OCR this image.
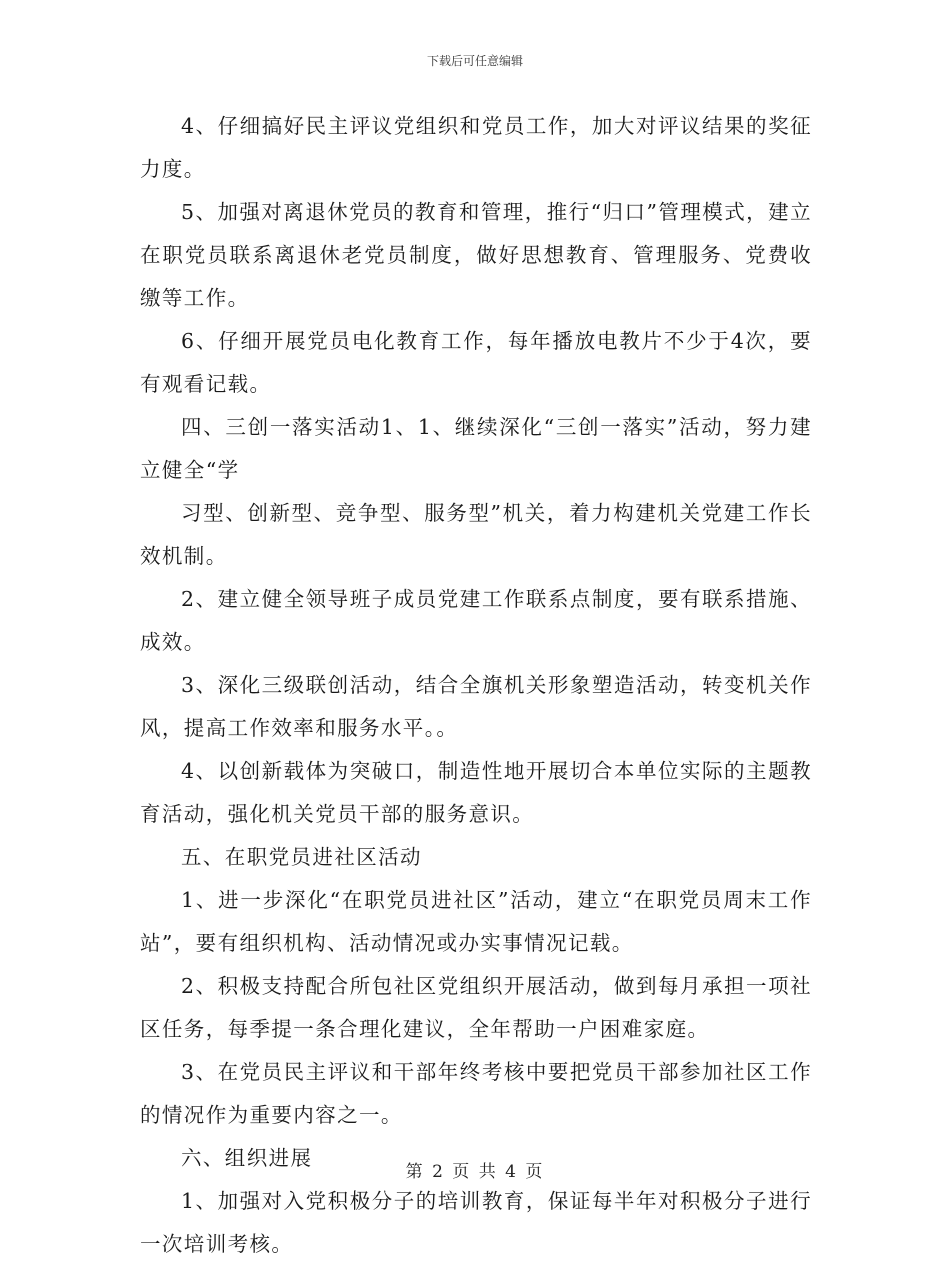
下载后可任意编辑

4、仔细搞好民主评议党组织和党员工作，加大对评议结果的奖征力度。

5、加强对离退休党员的教育和管理，推行“归口”管理模式，建立在职党员联系离退休老党员制度，做好思想教育、管理服务、党费收缴等工作。

6、仔细开展党员电化教育工作，每年播放电教片不少于4次，要有观看记载。

四、三创一落实活动1、1、继续深化“三创一落实”活动，努力建立健全“学

习型、创新型、竞争型、服务型”机关，着力构建机关党建工作长效机制。

2、建立健全领导班子成员党建工作联系点制度，要有联系措施、成效。

3、深化三级联创活动，结合全旗机关形象塑造活动，转变机关作风，提高工作效率和服务水平。。

4、以创新载体为突破口，制造性地开展切合本单位实际的主题教育活动，强化机关党员干部的服务意识。

五、在职党员进社区活动

1、进一步深化“在职党员进社区”活动，建立“在职党员周末工作站”，要有组织机构、活动情况或办实事情况记载。

2、积极支持配合所包社区党组织开展活动，做到每月承担一项社区任务，每季提一条合理化建议，全年帮助一户困难家庭。

3、在党员民主评议和干部年终考核中要把党员干部参加社区工作的情况作为重要内容之一。

六、组织进展

1、加强对入党积极分子的培训教育，保证每半年对积极分子进行一次培训考核。

第 2 页 共 4 页
